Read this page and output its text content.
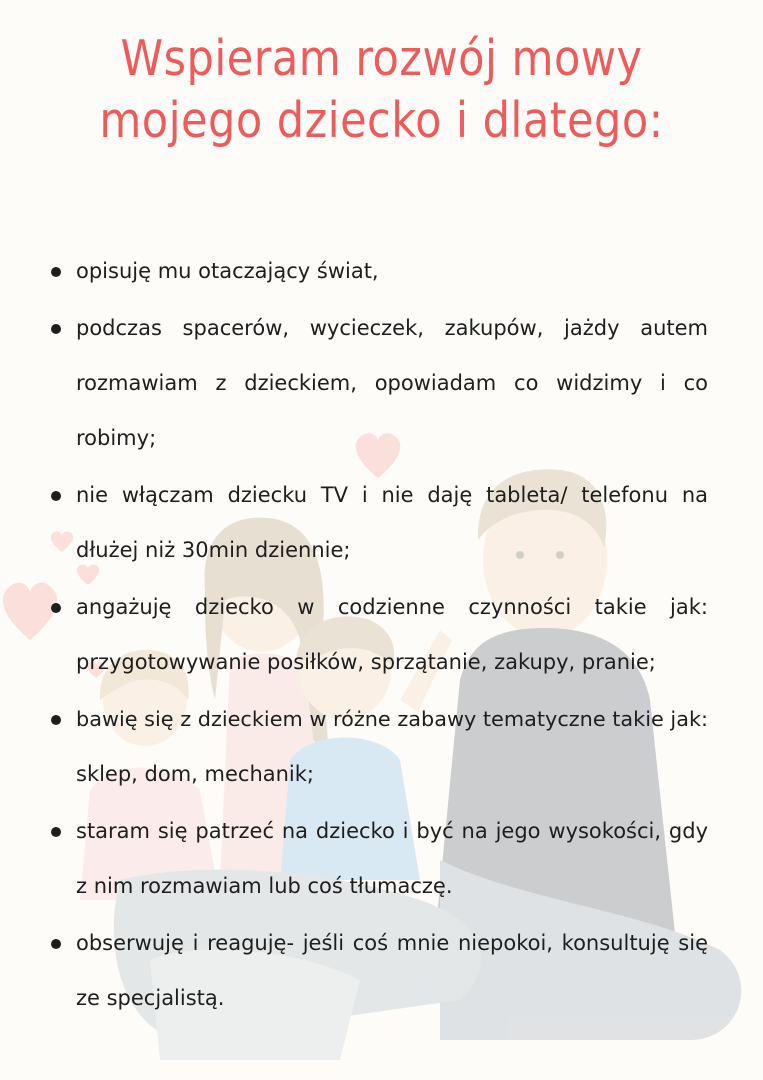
Wspieram rozwój mowy
mojego dziecko i dlatego:
opisuję mu otaczający świat,
podczas spacerów, wycieczek, zakupów, jażdy autem
rozmawiam z dzieckiem, opowiadam co widzimy i co
robimy;
nie włączam dziecku TV i nie daję tableta/ telefonu na
dłużej niż 30min dziennie;
angażuję dziecko w codzienne czynności takie jak:
przygotowywanie posiłków, sprzątanie, zakupy, pranie;
bawię się z dzieckiem w różne zabawy tematyczne takie jak:
sklep, dom, mechanik;
staram się patrzeć na dziecko i być na jego wysokości, gdy
z nim rozmawiam lub coś tłumaczę.
obserwuję i reaguję- jeśli coś mnie niepokoi, konsultuję się
ze specjalistą.
